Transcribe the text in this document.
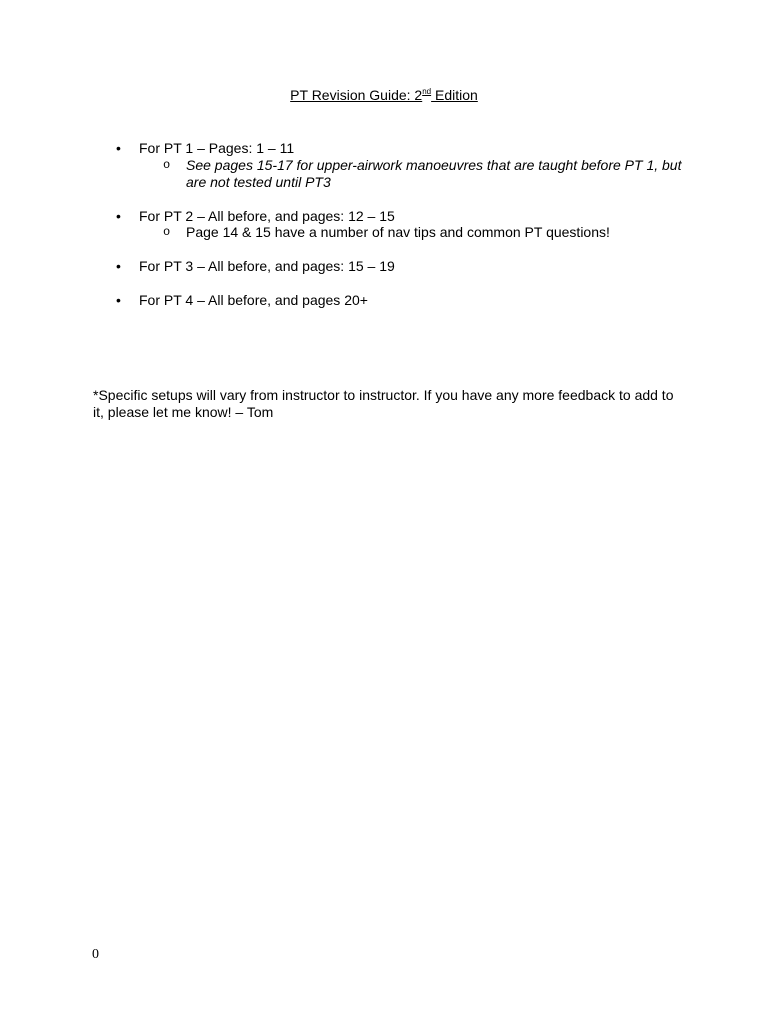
PT Revision Guide: 2nd Edition
• For PT 1 – Pages: 1 – 11
o See pages 15-17 for upper-airwork manoeuvres that are taught before PT 1, but are not tested until PT3
• For PT 2 – All before, and pages: 12 – 15
o Page 14 & 15 have a number of nav tips and common PT questions!
• For PT 3 – All before, and pages: 15 – 19
• For PT 4 – All before, and pages 20+
*Specific setups will vary from instructor to instructor. If you have any more feedback to add to it, please let me know! – Tom
0
